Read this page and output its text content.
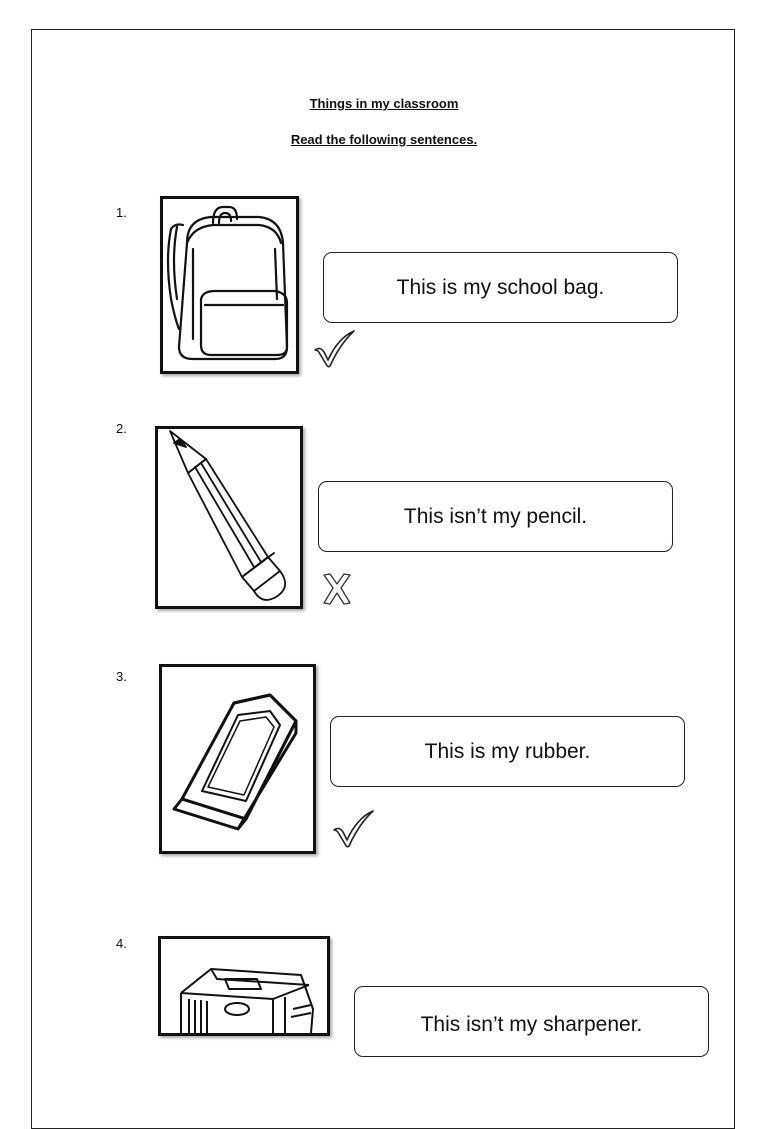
Things in my classroom
Read the following sentences.
1.
This is my school bag.
2.
This isn’t my pencil.
3.
This is my rubber.
4.
This isn’t my sharpener.
